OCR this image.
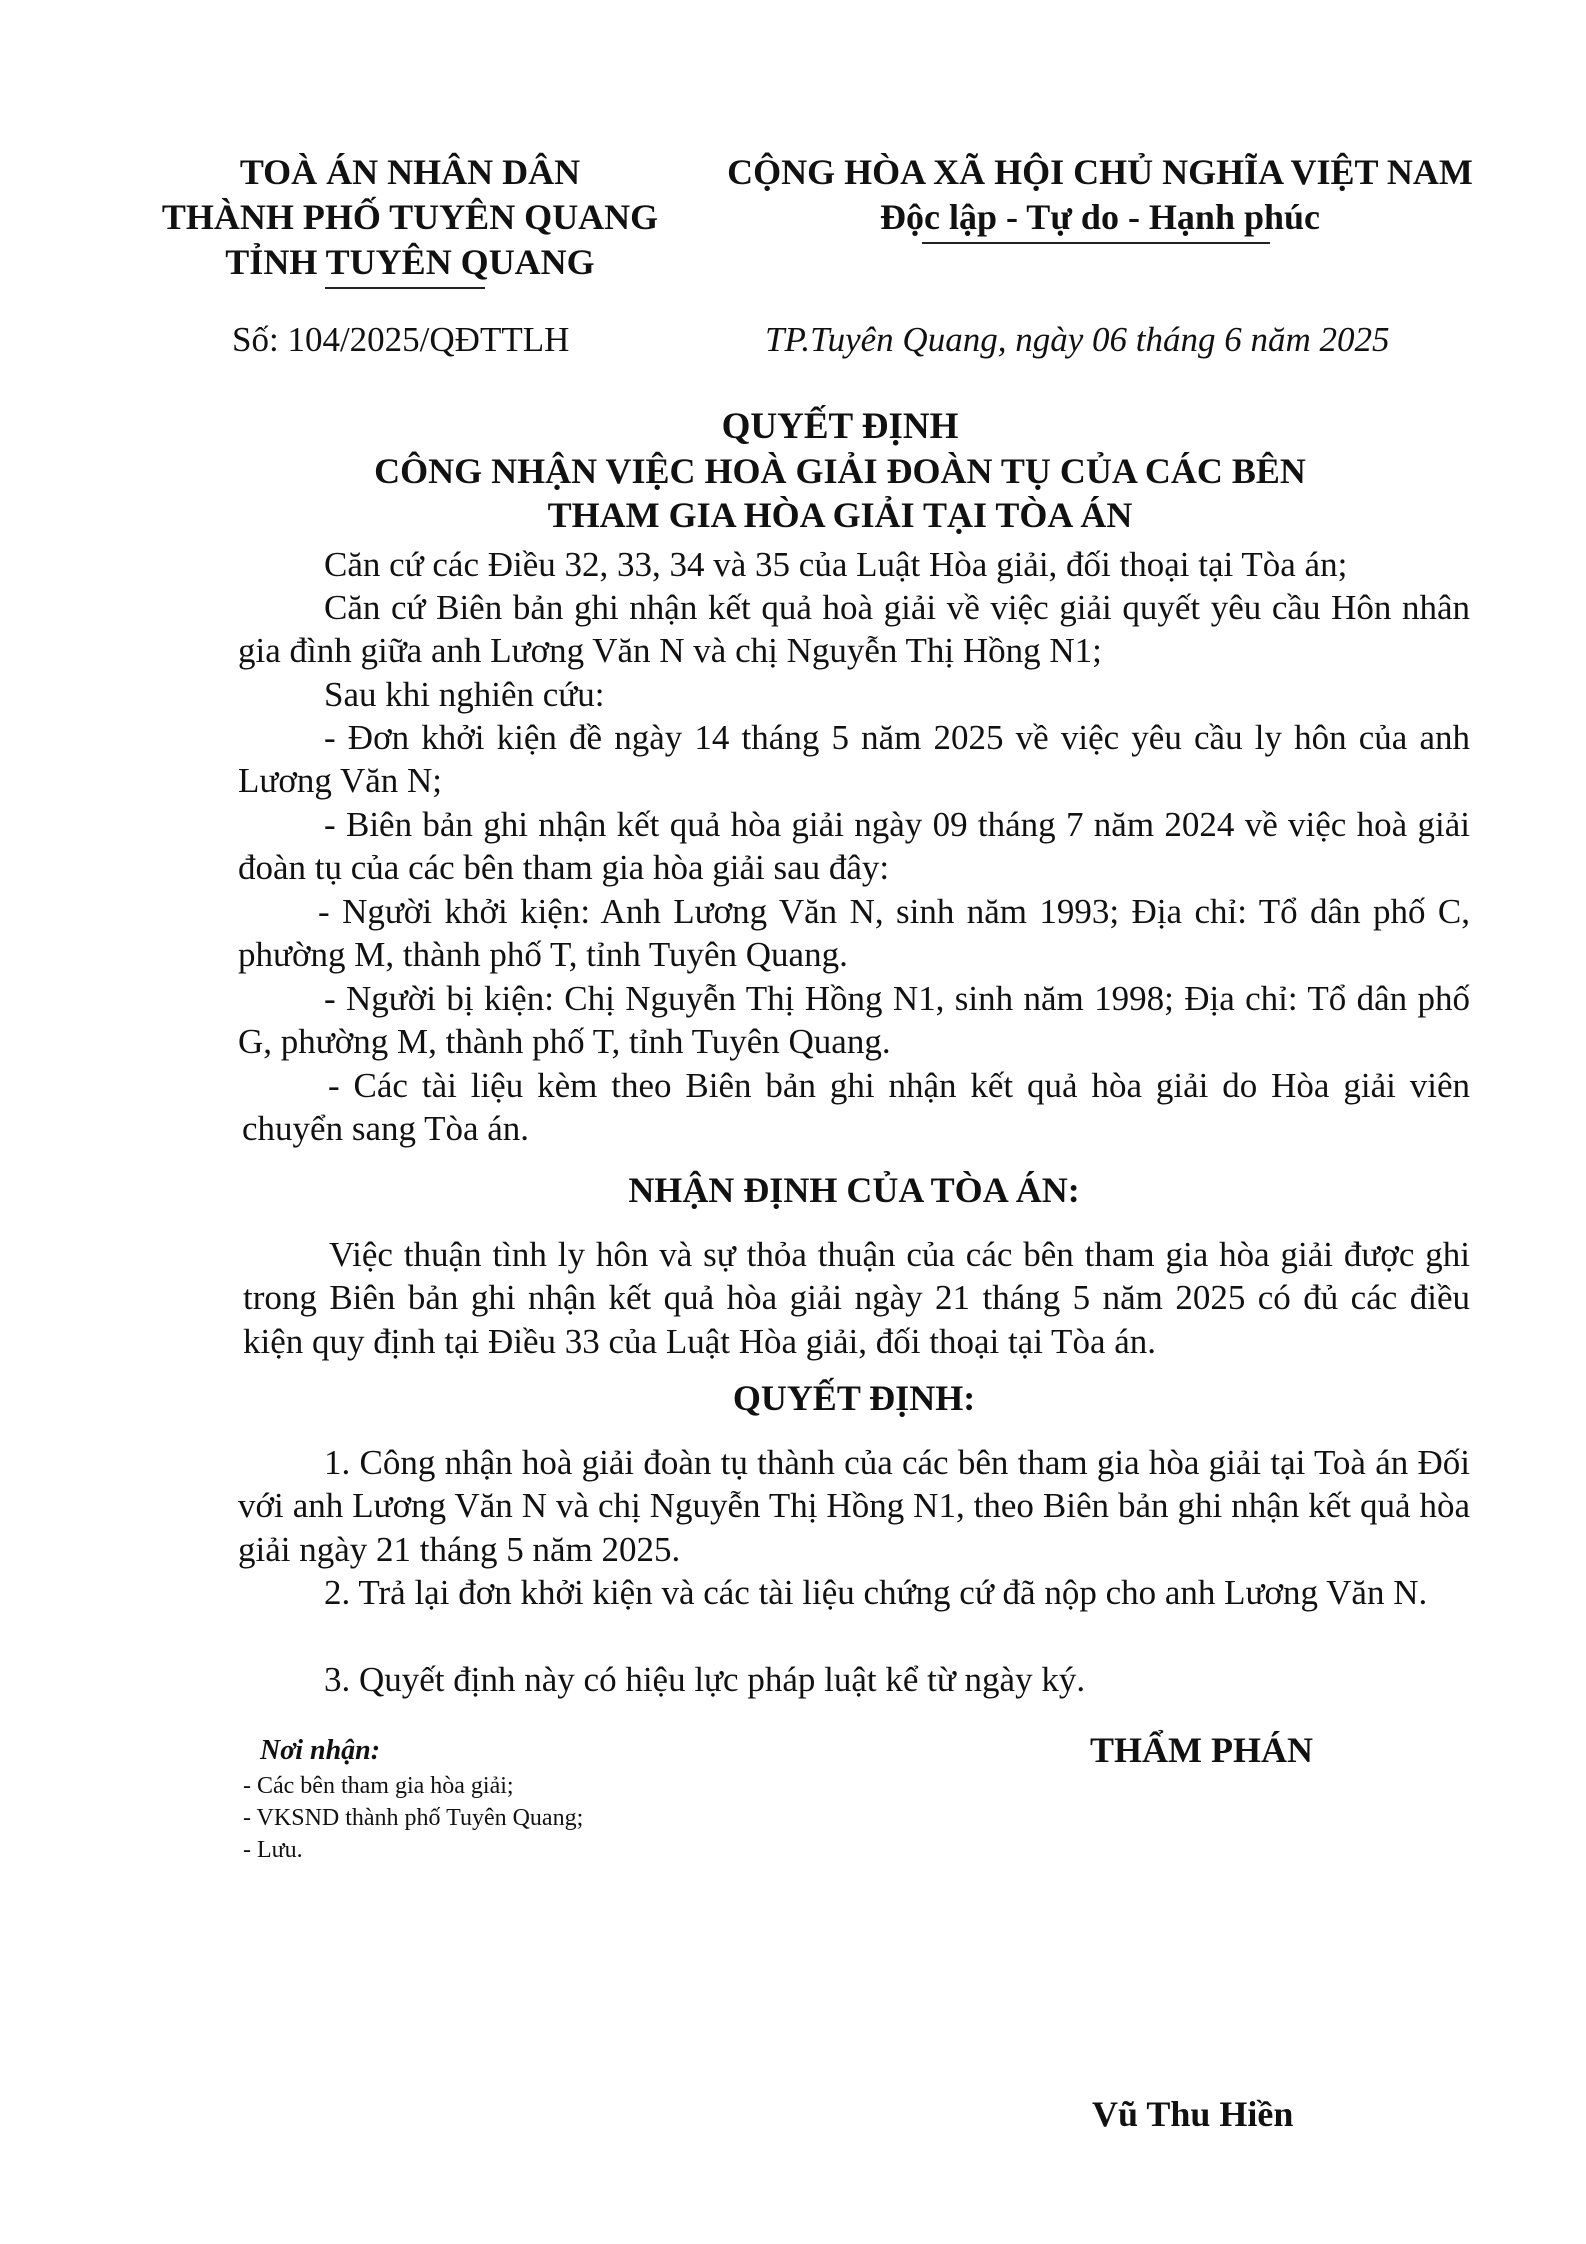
TOÀ ÁN NHÂN DÂN
THÀNH PHỐ TUYÊN QUANG
TỈNH TUYÊN QUANG
CỘNG HÒA XÃ HỘI CHỦ NGHĨA VIỆT NAM
Độc lập - Tự do - Hạnh phúc
Số: 104/2025/QĐTTLH	TP.Tuyên Quang, ngày 06 tháng 6 năm 2025
QUYẾT ĐỊNH
CÔNG NHẬN VIỆC HOÀ GIẢI ĐOÀN TỤ CỦA CÁC BÊN
THAM GIA HÒA GIẢI TẠI TÒA ÁN
Căn cứ các Điều 32, 33, 34 và 35 của Luật Hòa giải, đối thoại tại Tòa án;
Căn cứ Biên bản ghi nhận kết quả hoà giải về việc giải quyết yêu cầu Hôn nhân gia đình giữa anh Lương Văn N và chị Nguyễn Thị Hồng N1;
Sau khi nghiên cứu:
- Đơn khởi kiện đề ngày 14 tháng 5 năm 2025 về việc yêu cầu ly hôn của anh Lương Văn N;
- Biên bản ghi nhận kết quả hòa giải ngày 09 tháng 7 năm 2024 về việc hoà giải đoàn tụ của các bên tham gia hòa giải sau đây:
- Người khởi kiện: Anh Lương Văn N, sinh năm 1993; Địa chỉ: Tổ dân phố C, phường M, thành phố T, tỉnh Tuyên Quang.
- Người bị kiện: Chị Nguyễn Thị Hồng N1, sinh năm 1998; Địa chỉ: Tổ dân phố G, phường M, thành phố T, tỉnh Tuyên Quang.
- Các tài liệu kèm theo Biên bản ghi nhận kết quả hòa giải do Hòa giải viên chuyển sang Tòa án.
NHẬN ĐỊNH CỦA TÒA ÁN:
Việc thuận tình ly hôn và sự thỏa thuận của các bên tham gia hòa giải được ghi trong Biên bản ghi nhận kết quả hòa giải ngày 21 tháng 5 năm 2025 có đủ các điều kiện quy định tại Điều 33 của Luật Hòa giải, đối thoại tại Tòa án.
QUYẾT ĐỊNH:
1. Công nhận hoà giải đoàn tụ thành của các bên tham gia hòa giải tại Toà án Đối với anh Lương Văn N và chị Nguyễn Thị Hồng N1, theo Biên bản ghi nhận kết quả hòa giải ngày 21 tháng 5 năm 2025.
2. Trả lại đơn khởi kiện và các tài liệu chứng cứ đã nộp cho anh Lương Văn N.
3. Quyết định này có hiệu lực pháp luật kể từ ngày ký.
Nơi nhận:
- Các bên tham gia hòa giải;
- VKSND thành phố Tuyên Quang;
- Lưu.
THẨM PHÁN
Vũ Thu Hiền
